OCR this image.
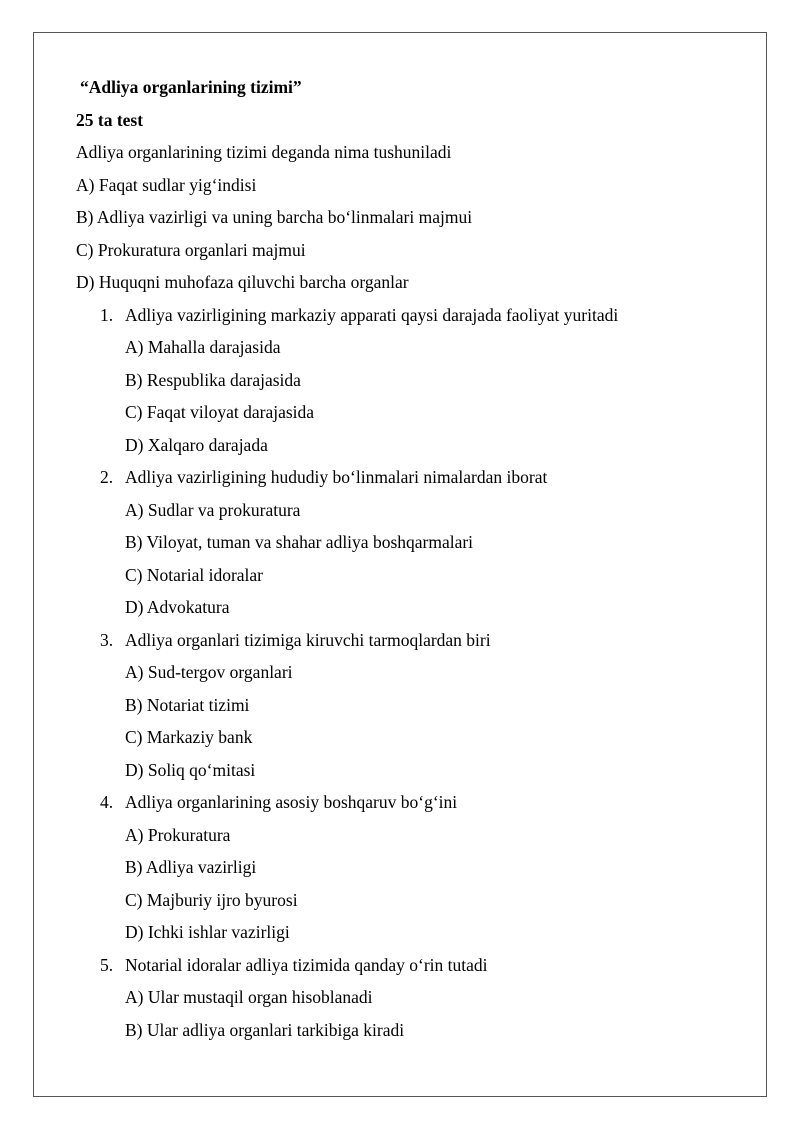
“Adliya organlarining tizimi”
25 ta test
Adliya organlarining tizimi deganda nima tushuniladi
A) Faqat sudlar yig‘indisi
B) Adliya vazirligi va uning barcha bo‘linmalari majmui
C) Prokuratura organlari majmui
D) Huquqni muhofaza qiluvchi barcha organlar
1. Adliya vazirligining markaziy apparati qaysi darajada faoliyat yuritadi
A) Mahalla darajasida
B) Respublika darajasida
C) Faqat viloyat darajasida
D) Xalqaro darajada
2. Adliya vazirligining hududiy bo‘linmalari nimalardan iborat
A) Sudlar va prokuratura
B) Viloyat, tuman va shahar adliya boshqarmalari
C) Notarial idoralar
D) Advokatura
3. Adliya organlari tizimiga kiruvchi tarmoqlardan biri
A) Sud-tergov organlari
B) Notariat tizimi
C) Markaziy bank
D) Soliq qo‘mitasi
4. Adliya organlarining asosiy boshqaruv bo‘g‘ini
A) Prokuratura
B) Adliya vazirligi
C) Majburiy ijro byurosi
D) Ichki ishlar vazirligi
5. Notarial idoralar adliya tizimida qanday o‘rin tutadi
A) Ular mustaqil organ hisoblanadi
B) Ular adliya organlari tarkibiga kiradi
